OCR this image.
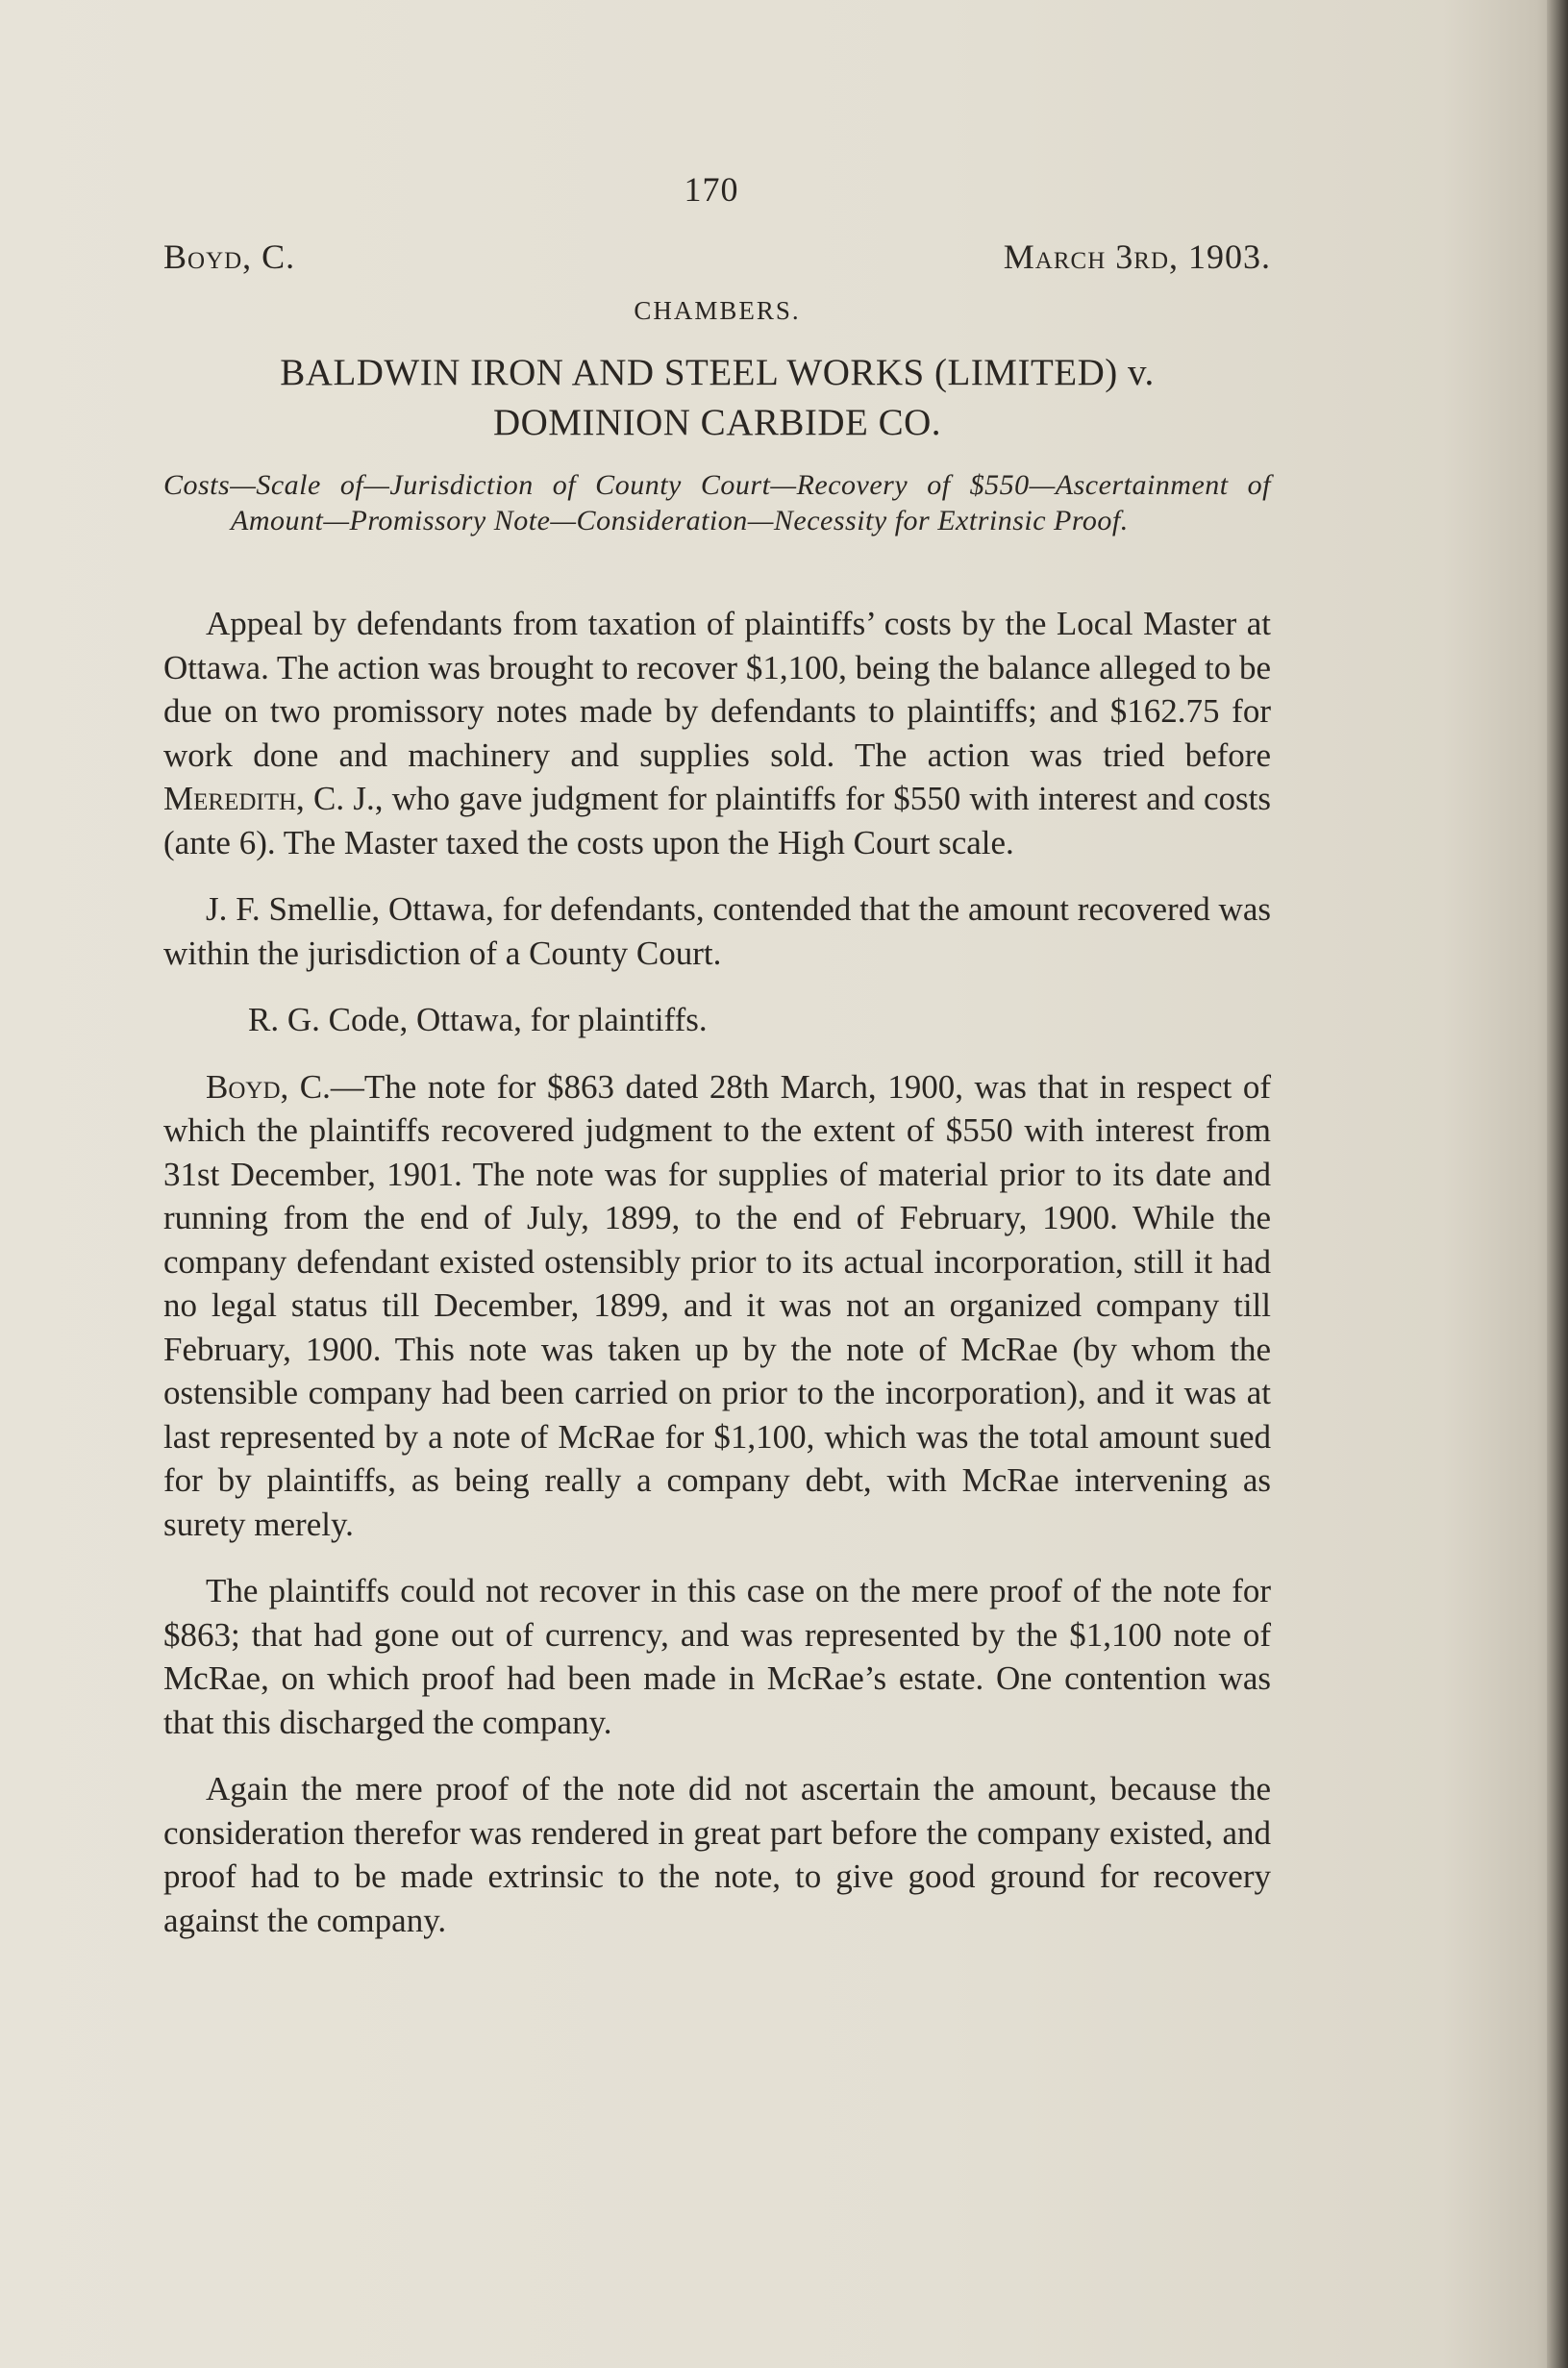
170
Boyd, C.	March 3rd, 1903.
CHAMBERS.
BALDWIN IRON AND STEEL WORKS (LIMITED) v.
DOMINION CARBIDE CO.
Costs—Scale of—Jurisdiction of County Court—Recovery of $550—Ascertainment of Amount—Promissory Note—Consideration—Necessity for Extrinsic Proof.

Appeal by defendants from taxation of plaintiffs’ costs by the Local Master at Ottawa. The action was brought to recover $1,100, being the balance alleged to be due on two promissory notes made by defendants to plaintiffs; and $162.75 for work done and machinery and supplies sold. The action was tried before Meredith, C. J., who gave judgment for plaintiffs for $550 with interest and costs (ante 6). The Master taxed the costs upon the High Court scale.

J. F. Smellie, Ottawa, for defendants, contended that the amount recovered was within the jurisdiction of a County Court.

R. G. Code, Ottawa, for plaintiffs.

Boyd, C.—The note for $863 dated 28th March, 1900, was that in respect of which the plaintiffs recovered judgment to the extent of $550 with interest from 31st December, 1901. The note was for supplies of material prior to its date and running from the end of July, 1899, to the end of February, 1900. While the company defendant existed ostensibly prior to its actual incorporation, still it had no legal status till December, 1899, and it was not an organized company till February, 1900. This note was taken up by the note of McRae (by whom the ostensible company had been carried on prior to the incorporation), and it was at last represented by a note of McRae for $1,100, which was the total amount sued for by plaintiffs, as being really a company debt, with McRae intervening as surety merely.

The plaintiffs could not recover in this case on the mere proof of the note for $863; that had gone out of currency, and was represented by the $1,100 note of McRae, on which proof had been made in McRae’s estate. One contention was that this discharged the company.

Again the mere proof of the note did not ascertain the amount, because the consideration therefor was rendered in great part before the company existed, and proof had to be made extrinsic to the note, to give good ground for recovery against the company.
